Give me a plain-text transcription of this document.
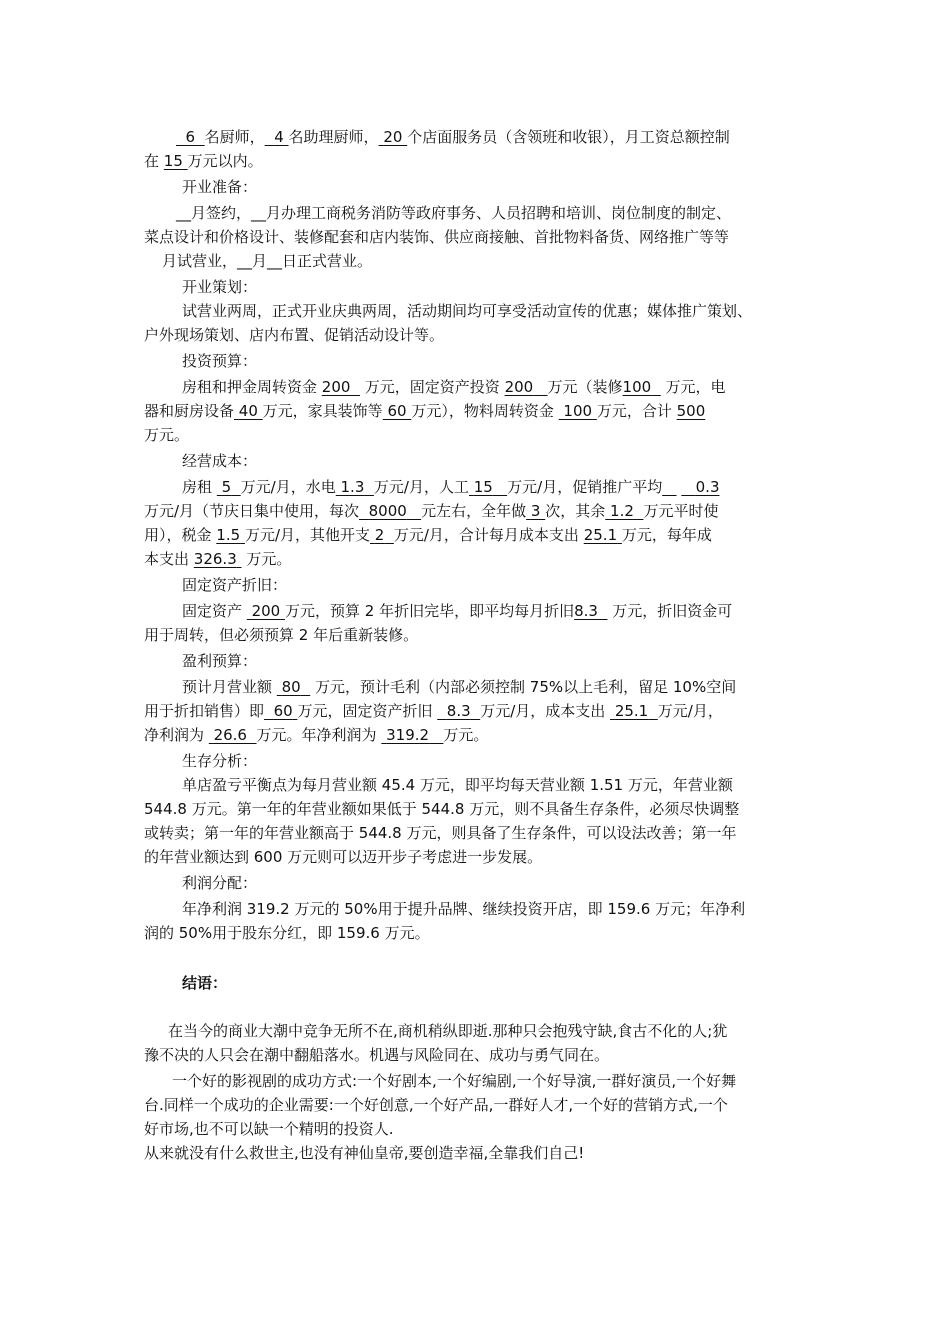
6 名厨师， 4 名助理厨师， 20 个店面服务员（含领班和收银），月工资总额控制
在 15 万元以内。
开业准备：
__月签约，__月办理工商税务消防等政府事务、人员招聘和培训、岗位制度的制定、
菜点设计和价格设计、装修配套和店内装饰、供应商接触、首批物料备货、网络推广等等
月试营业，__月__日正式营业。
开业策划：
试营业两周，正式开业庆典两周，活动期间均可享受活动宣传的优惠；媒体推广策划、
户外现场策划、店内布置、促销活动设计等。
投资预算：
房租和押金周转资金 200 万元，固定资产投资 200 万元（装修100 万元，电
器和厨房设备 40 万元，家具装饰等 60 万元），物料周转资金 100 万元，合计 500
万元。
经营成本：
房租 5 万元/月，水电 1.3 万元/月，人工 15 万元/月，促销推广平均 0.3
万元/月（节庆日集中使用，每次 8000 元左右，全年做 3 次，其余 1.2 万元平时使
用），税金 1.5 万元/月，其他开支 2 万元/月，合计每月成本支出 25.1 万元，每年成
本支出 326.3 万元。
固定资产折旧：
固定资产 200 万元，预算 2 年折旧完毕，即平均每月折旧8.3 万元，折旧资金可
用于周转，但必须预算 2 年后重新装修。
盈利预算：
预计月营业额 80 万元，预计毛利（内部必须控制 75%以上毛利，留足 10%空间
用于折扣销售）即 60 万元，固定资产折旧 8.3 万元/月，成本支出 25.1 万元/月，
净利润为 26.6 万元。年净利润为 319.2 万元。
生存分析：
单店盈亏平衡点为每月营业额 45.4 万元，即平均每天营业额 1.51 万元，年营业额
544.8 万元。第一年的年营业额如果低于 544.8 万元，则不具备生存条件，必须尽快调整
或转卖；第一年的年营业额高于 544.8 万元，则具备了生存条件，可以设法改善；第一年
的年营业额达到 600 万元则可以迈开步子考虑进一步发展。
利润分配：
年净利润 319.2 万元的 50%用于提升品牌、继续投资开店，即 159.6 万元；年净利
润的 50%用于股东分红，即 159.6 万元。
结语：
在当今的商业大潮中竞争无所不在,商机稍纵即逝.那种只会抱残守缺,食古不化的人;犹
豫不决的人只会在潮中翻船落水。机遇与风险同在、成功与勇气同在。
一个好的影视剧的成功方式:一个好剧本,一个好编剧,一个好导演,一群好演员,一个好舞
台.同样一个成功的企业需要:一个好创意,一个好产品,一群好人才,一个好的营销方式,一个
好市场,也不可以缺一个精明的投资人.
从来就没有什么救世主,也没有神仙皇帝,要创造幸福,全靠我们自己!
